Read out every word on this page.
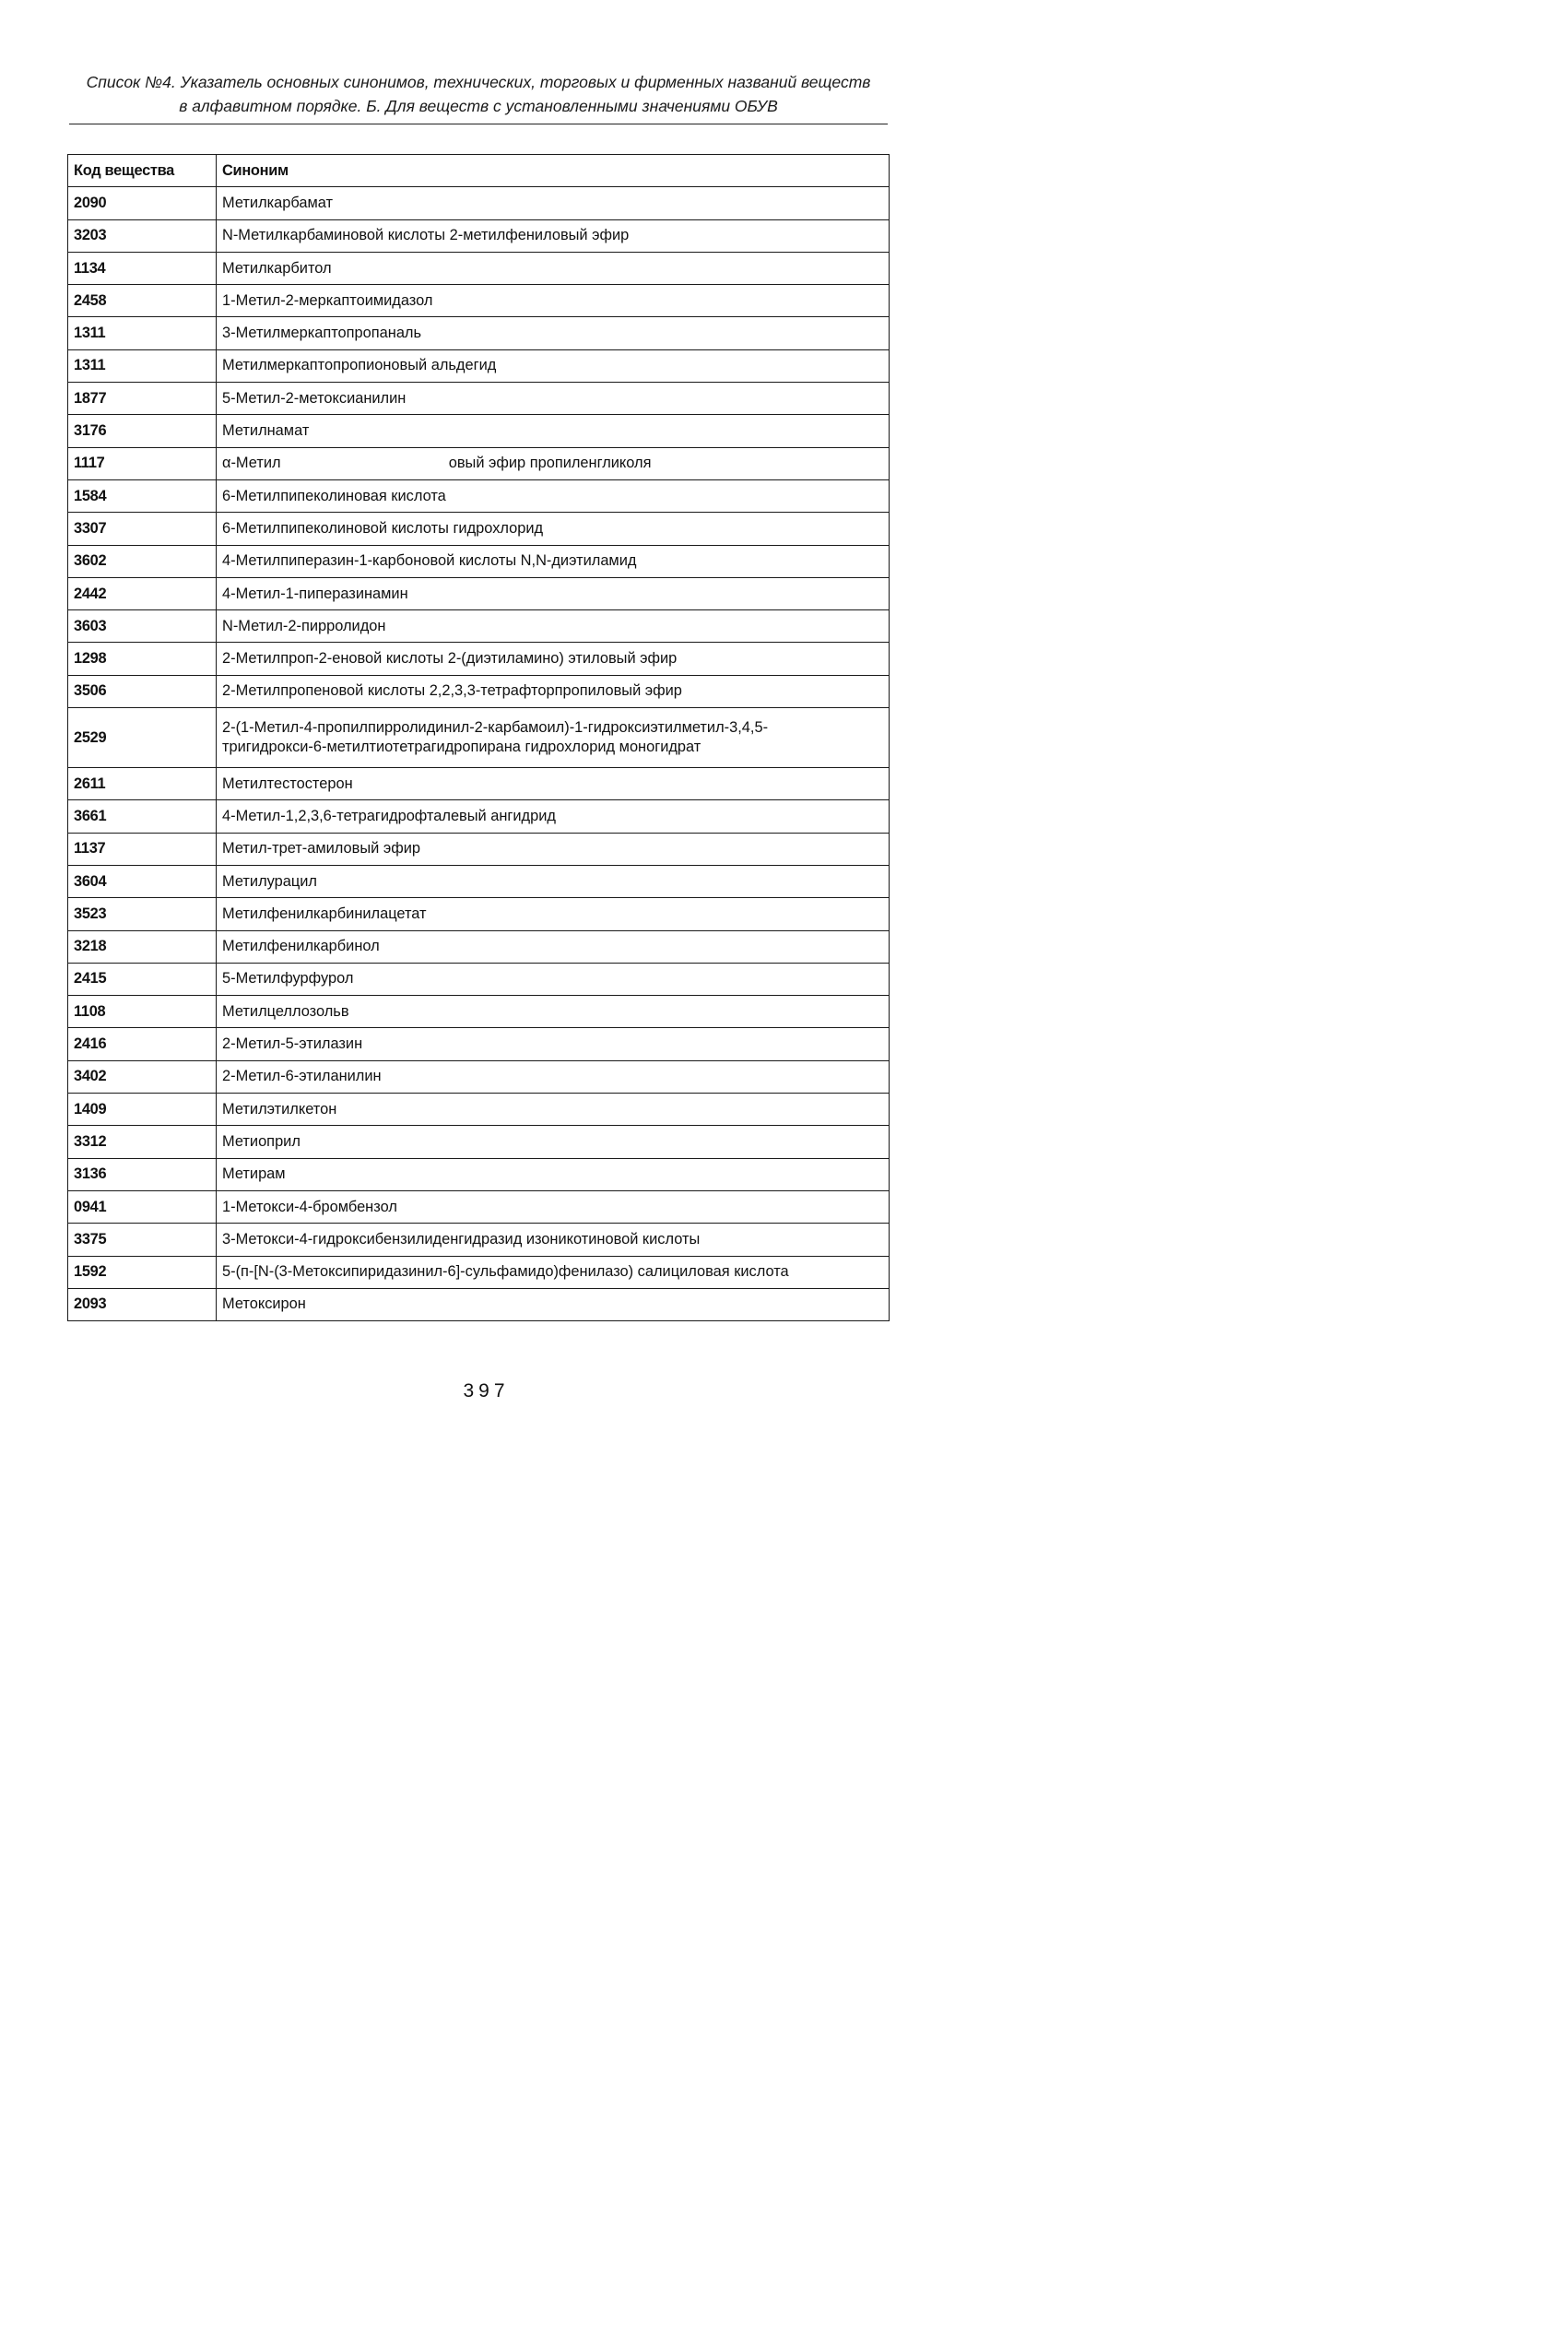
Список №4. Указатель основных синонимов, технических, торговых и фирменных названий веществ
в алфавитном порядке. Б. Для веществ с установленными значениями ОБУВ
Код вещества	Синоним
2090	Метилкарбамат
3203	N-Метилкарбаминовой кислоты 2-метилфениловый эфир
1134	Метилкарбитол
2458	1-Метил-2-меркаптоимидазол
1311	3-Метилмеркаптопропаналь
1311	Метилмеркаптопропионовый альдегид
1877	5-Метил-2-метоксианилин
3176	Метилнамат
1117	α-Метил                                        овый эфир пропиленгликоля
1584	6-Метилпипеколиновая кислота
3307	6-Метилпипеколиновой кислоты гидрохлорид
3602	4-Метилпиперазин-1-карбоновой кислоты N,N-диэтиламид
2442	4-Метил-1-пиперазинамин
3603	N-Метил-2-пирролидон
1298	2-Метилпроп-2-еновой кислоты 2-(диэтиламино) этиловый эфир
3506	2-Метилпропеновой кислоты 2,2,3,3-тетрафторпропиловый эфир
2529	2-(1-Метил-4-пропилпирролидинил-2-карбамоил)-1-гидроксиэтилметил-3,4,5-
тригидрокси-6-метилтиотетрагидропирана гидрохлорид моногидрат

2611	Метилтестостерон
3661	4-Метил-1,2,3,6-тетрагидрофталевый ангидрид
1137	Метил-трет-амиловый эфир
3604	Метилурацил
3523	Метилфенилкарбинилацетат
3218	Метилфенилкарбинол
2415	5-Метилфурфурол
1108	Метилцеллозольв
2416	2-Метил-5-этилазин
3402	2-Метил-6-этиланилин
1409	Метилэтилкетон
3312	Метиоприл
3136	Метирам
0941	1-Метокси-4-бромбензол
3375	3-Метокси-4-гидроксибензилиденгидразид изоникотиновой кислоты
1592	5-(п-[N-(3-Метоксипиридазинил-6]-сульфамидо)фенилазо) салициловая кислота
2093	Метоксирон
397
